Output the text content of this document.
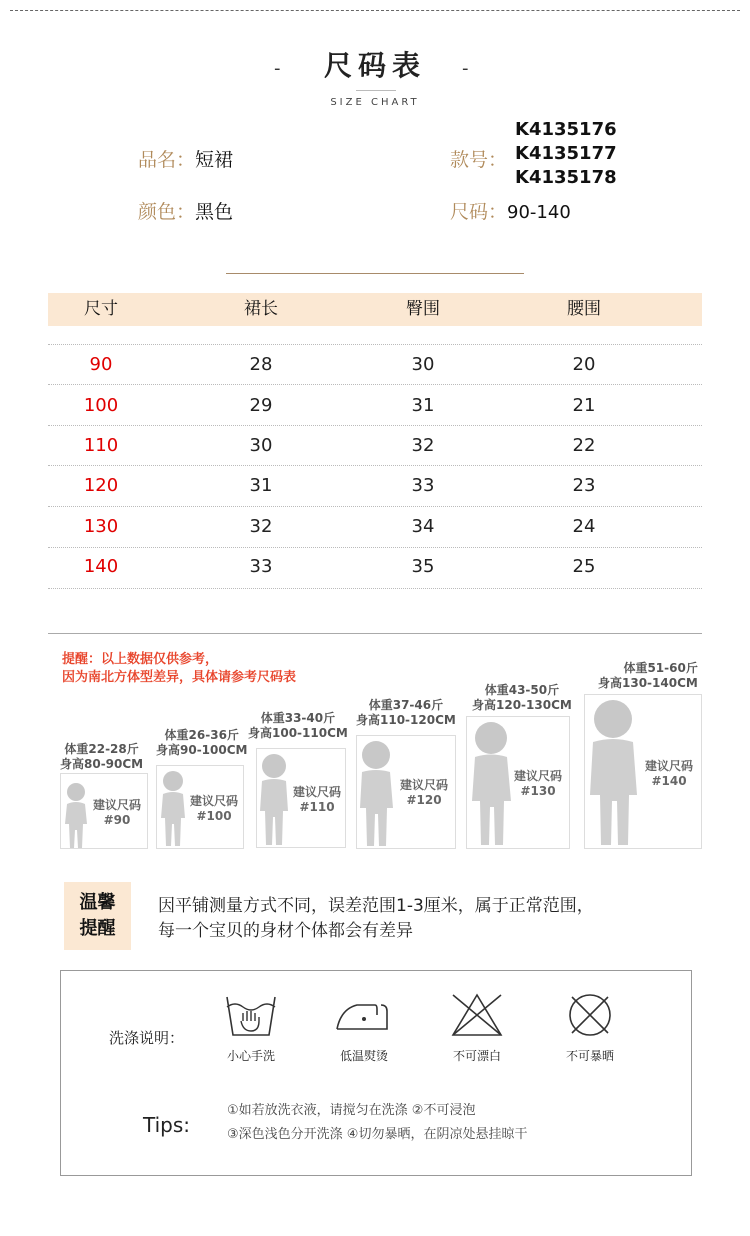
- 尺码表 -
SIZE CHART
品名：短裙
颜色：黑色
款号：
K4135176
K4135177
K4135178
尺码：90-140
尺寸	裙长	臀围	腰围
90	28	30	20
100	29	31	21
110	30	32	22
120	31	33	23
130	32	34	24
140	33	35	25
提醒：以上数据仅供参考，
因为南北方体型差异，具体请参考尺码表
体重22-28斤
身高80-90CM
建议尺码
#90
体重26-36斤
身高90-100CM
建议尺码
#100
体重33-40斤
身高100-110CM
建议尺码
#110
体重37-46斤
身高110-120CM
建议尺码
#120
体重43-50斤
身高120-130CM
建议尺码
#130
体重51-60斤
身高130-140CM
建议尺码
#140
温馨
提醒
因平铺测量方式不同，误差范围1-3厘米，属于正常范围，
每一个宝贝的身材个体都会有差异
洗涤说明：
小心手洗	低温熨烫	不可漂白	不可暴晒
Tips:
①如若放洗衣液，请搅匀在洗涤 ②不可浸泡
③深色浅色分开洗涤 ④切勿暴晒，在阴凉处悬挂晾干
